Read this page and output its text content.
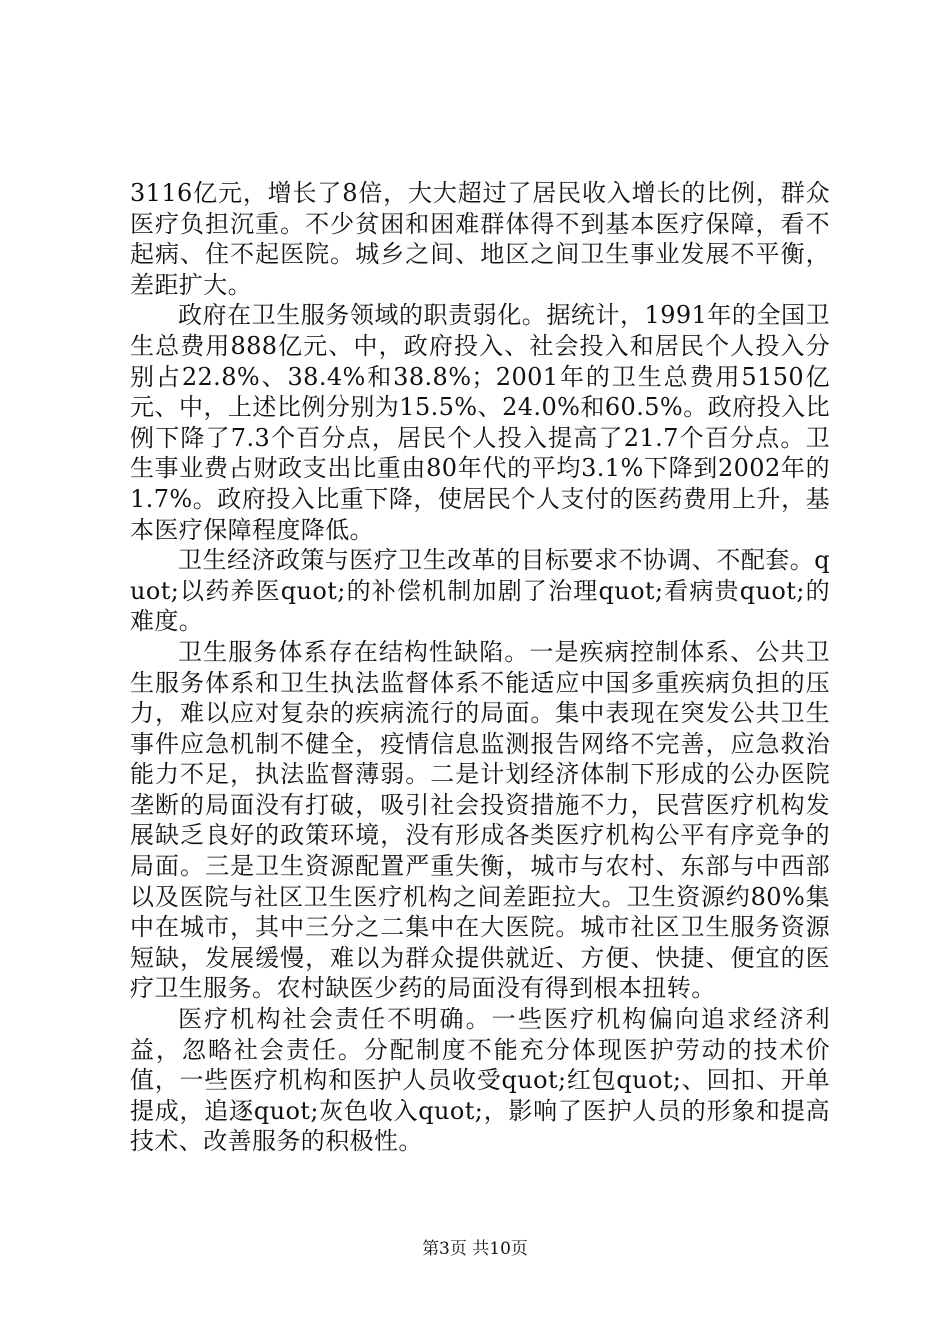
3116亿元，增长了8倍，大大超过了居民收入增长的比例，群众医疗负担沉重。不少贫困和困难群体得不到基本医疗保障，看不起病、住不起医院。城乡之间、地区之间卫生事业发展不平衡，差距扩大。

政府在卫生服务领域的职责弱化。据统计，1991年的全国卫生总费用888亿元、中，政府投入、社会投入和居民个人投入分别占22.8%、38.4%和38.8%；2001年的卫生总费用5150亿元、中，上述比例分别为15.5%、24.0%和60.5%。政府投入比例下降了7.3个百分点，居民个人投入提高了21.7个百分点。卫生事业费占财政支出比重由80年代的平均3.1%下降到2002年的1.7%。政府投入比重下降，使居民个人支付的医药费用上升，基本医疗保障程度降低。

卫生经济政策与医疗卫生改革的目标要求不协调、不配套。quot;以药养医quot;的补偿机制加剧了治理quot;看病贵quot;的难度。

卫生服务体系存在结构性缺陷。一是疾病控制体系、公共卫生服务体系和卫生执法监督体系不能适应中国多重疾病负担的压力，难以应对复杂的疾病流行的局面。集中表现在突发公共卫生事件应急机制不健全，疫情信息监测报告网络不完善，应急救治能力不足，执法监督薄弱。二是计划经济体制下形成的公办医院垄断的局面没有打破，吸引社会投资措施不力，民营医疗机构发展缺乏良好的政策环境，没有形成各类医疗机构公平有序竞争的局面。三是卫生资源配置严重失衡，城市与农村、东部与中西部以及医院与社区卫生医疗机构之间差距拉大。卫生资源约80%集中在城市，其中三分之二集中在大医院。城市社区卫生服务资源短缺，发展缓慢，难以为群众提供就近、方便、快捷、便宜的医疗卫生服务。农村缺医少药的局面没有得到根本扭转。

医疗机构社会责任不明确。一些医疗机构偏向追求经济利益，忽略社会责任。分配制度不能充分体现医护劳动的技术价值，一些医疗机构和医护人员收受quot;红包quot;、回扣、开单提成，追逐quot;灰色收入quot;，影响了医护人员的形象和提高技术、改善服务的积极性。

第3页 共10页
